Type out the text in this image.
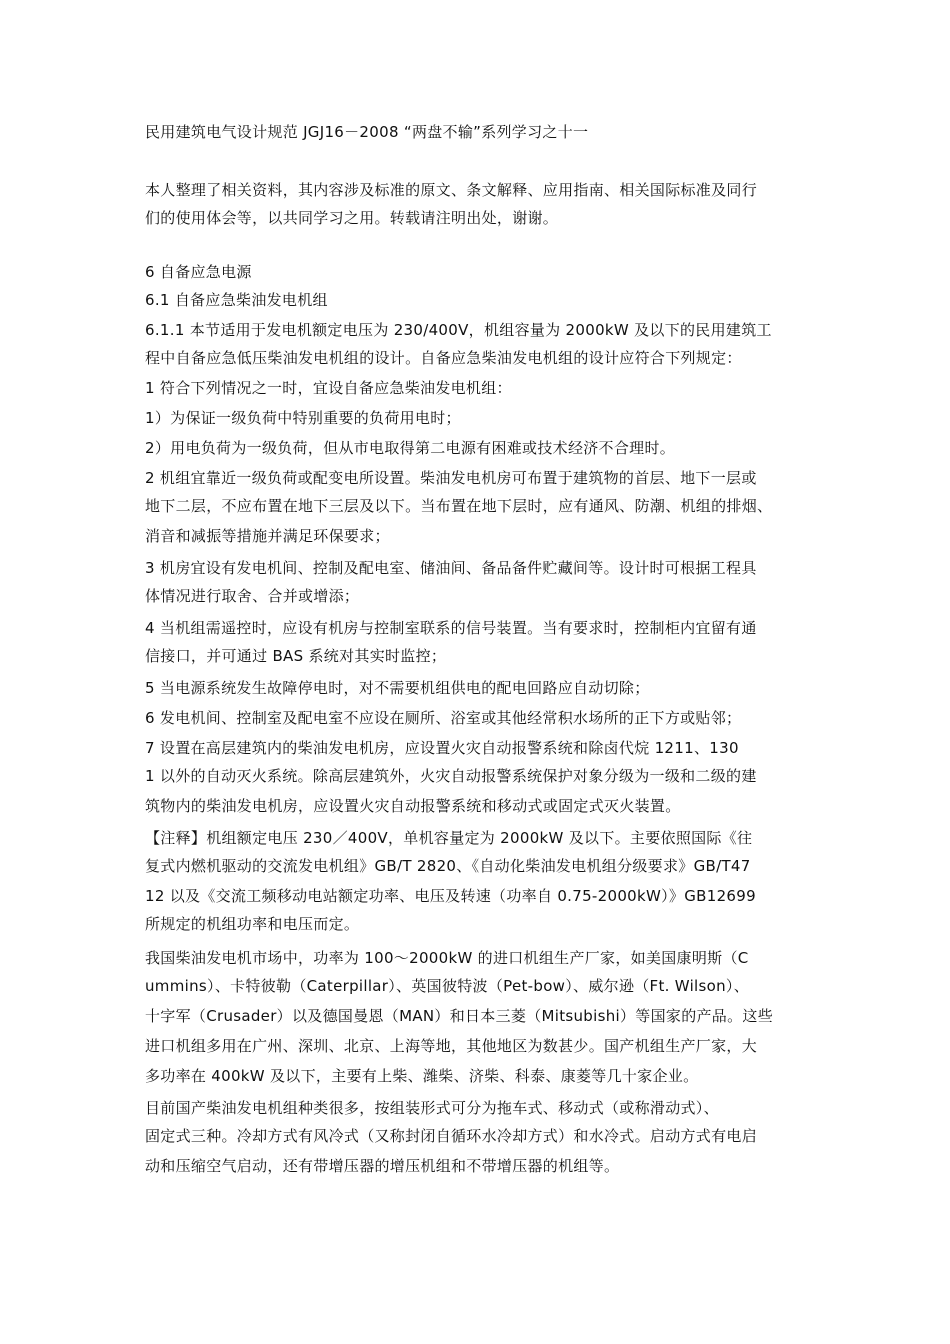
民用建筑电气设计规范 JGJ16－2008 “两盘不输”系列学习之十一
本人整理了相关资料，其内容涉及标准的原文、条文解释、应用指南、相关国际标准及同行
们的使用体会等，以共同学习之用。转载请注明出处，谢谢。
6 自备应急电源
6.1 自备应急柴油发电机组
6.1.1 本节适用于发电机额定电压为 230/400V，机组容量为 2000kW 及以下的民用建筑工
程中自备应急低压柴油发电机组的设计。自备应急柴油发电机组的设计应符合下列规定：
1 符合下列情况之一时，宜设自备应急柴油发电机组：
1）为保证一级负荷中特别重要的负荷用电时；
2）用电负荷为一级负荷，但从市电取得第二电源有困难或技术经济不合理时。
2 机组宜靠近一级负荷或配变电所设置。柴油发电机房可布置于建筑物的首层、地下一层或
地下二层，不应布置在地下三层及以下。当布置在地下层时，应有通风、防潮、机组的排烟、
消音和减振等措施并满足环保要求；
3 机房宜设有发电机间、控制及配电室、储油间、备品备件贮藏间等。设计时可根据工程具
体情况进行取舍、合并或增添；
4 当机组需遥控时，应设有机房与控制室联系的信号装置。当有要求时，控制柜内宜留有通
信接口，并可通过 BAS 系统对其实时监控；
5 当电源系统发生故障停电时，对不需要机组供电的配电回路应自动切除；
6 发电机间、控制室及配电室不应设在厕所、浴室或其他经常积水场所的正下方或贴邻；
7 设置在高层建筑内的柴油发电机房，应设置火灾自动报警系统和除卤代烷 1211、130
1 以外的自动灭火系统。除高层建筑外，火灾自动报警系统保护对象分级为一级和二级的建
筑物内的柴油发电机房，应设置火灾自动报警系统和移动式或固定式灭火装置。
【注释】机组额定电压 230／400V，单机容量定为 2000kW 及以下。主要依照国际《往
复式内燃机驱动的交流发电机组》GB/T 2820、《自动化柴油发电机组分级要求》GB/T47
12 以及《交流工频移动电站额定功率、电压及转速（功率自 0.75-2000kW）》GB12699
所规定的机组功率和电压而定。
我国柴油发电机市场中，功率为 100～2000kW 的进口机组生产厂家，如美国康明斯（C
ummins）、卡特彼勒（Caterpillar）、英国彼特波（Pet-bow）、威尔逊（Ft. Wilson）、
十字军（Crusader）以及德国曼恩（MAN）和日本三菱（Mitsubishi）等国家的产品。这些
进口机组多用在广州、深圳、北京、上海等地，其他地区为数甚少。国产机组生产厂家，大
多功率在 400kW 及以下，主要有上柴、潍柴、济柴、科泰、康菱等几十家企业。
目前国产柴油发电机组种类很多，按组装形式可分为拖车式、移动式（或称滑动式）、
固定式三种。冷却方式有风冷式（又称封闭自循环水冷却方式）和水冷式。启动方式有电启
动和压缩空气启动，还有带增压器的增压机组和不带增压器的机组等。
